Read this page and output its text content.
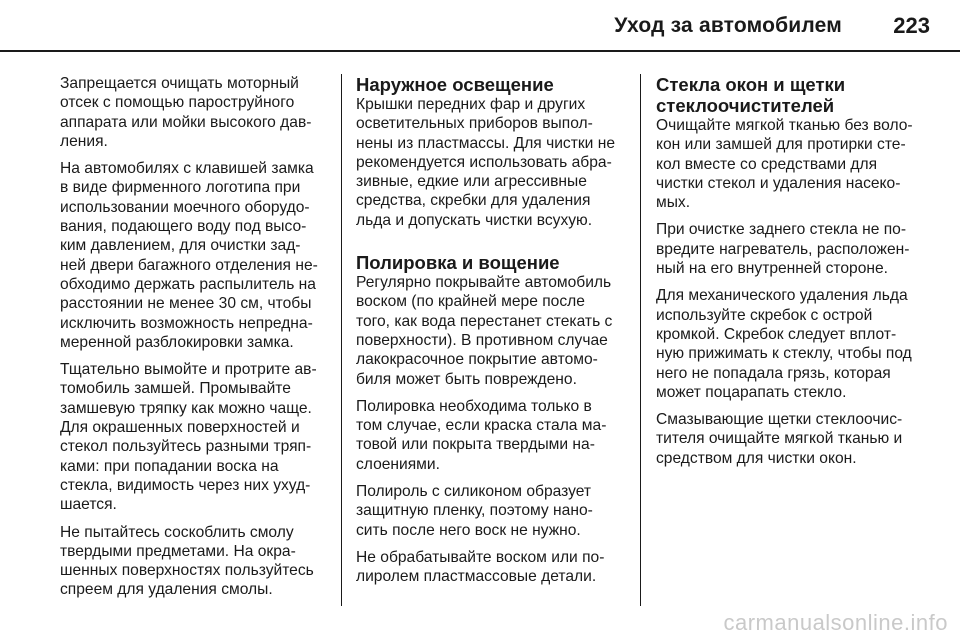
Уход за автомобилем 223

Запрещается очищать моторный
отсек с помощью пароструйного
аппарата или мойки высокого дав-
ления.

На автомобилях с клавишей замка
в виде фирменного логотипа при
использовании моечного оборудо-
вания, подающего воду под высо-
ким давлением, для очистки зад-
ней двери багажного отделения не-
обходимо держать распылитель на
расстоянии не менее 30 см, чтобы
исключить возможность непредна-
меренной разблокировки замка.

Тщательно вымойте и протрите ав-
томобиль замшей. Промывайте
замшевую тряпку как можно чаще.
Для окрашенных поверхностей и
стекол пользуйтесь разными тряп-
ками: при попадании воска на
стекла, видимость через них ухуд-
шается.

Не пытайтесь соскоблить смолу
твердыми предметами. На окра-
шенных поверхностях пользуйтесь
спреем для удаления смолы.

Наружное освещение

Крышки передних фар и других
осветительных приборов выпол-
нены из пластмассы. Для чистки не
рекомендуется использовать абра-
зивные, едкие или агрессивные
средства, скребки для удаления
льда и допускать чистки всухую.

Полировка и вощение

Регулярно покрывайте автомобиль
воском (по крайней мере после
того, как вода перестанет стекать с
поверхности). В противном случае
лакокрасочное покрытие автомо-
биля может быть повреждено.

Полировка необходима только в
том случае, если краска стала ма-
товой или покрыта твердыми на-
слоениями.

Полироль с силиконом образует
защитную пленку, поэтому нано-
сить после него воск не нужно.

Не обрабатывайте воском или по-
лиролем пластмассовые детали.

Стекла окон и щетки
стеклоочистителей

Очищайте мягкой тканью без воло-
кон или замшей для протирки сте-
кол вместе со средствами для
чистки стекол и удаления насеко-
мых.

При очистке заднего стекла не по-
вредите нагреватель, расположен-
ный на его внутренней стороне.

Для механического удаления льда
используйте скребок с острой
кромкой. Скребок следует вплот-
ную прижимать к стеклу, чтобы под
него не попадала грязь, которая
может поцарапать стекло.

Смазывающие щетки стеклоочис-
тителя очищайте мягкой тканью и
средством для чистки окон.

carmanualsonline.info
